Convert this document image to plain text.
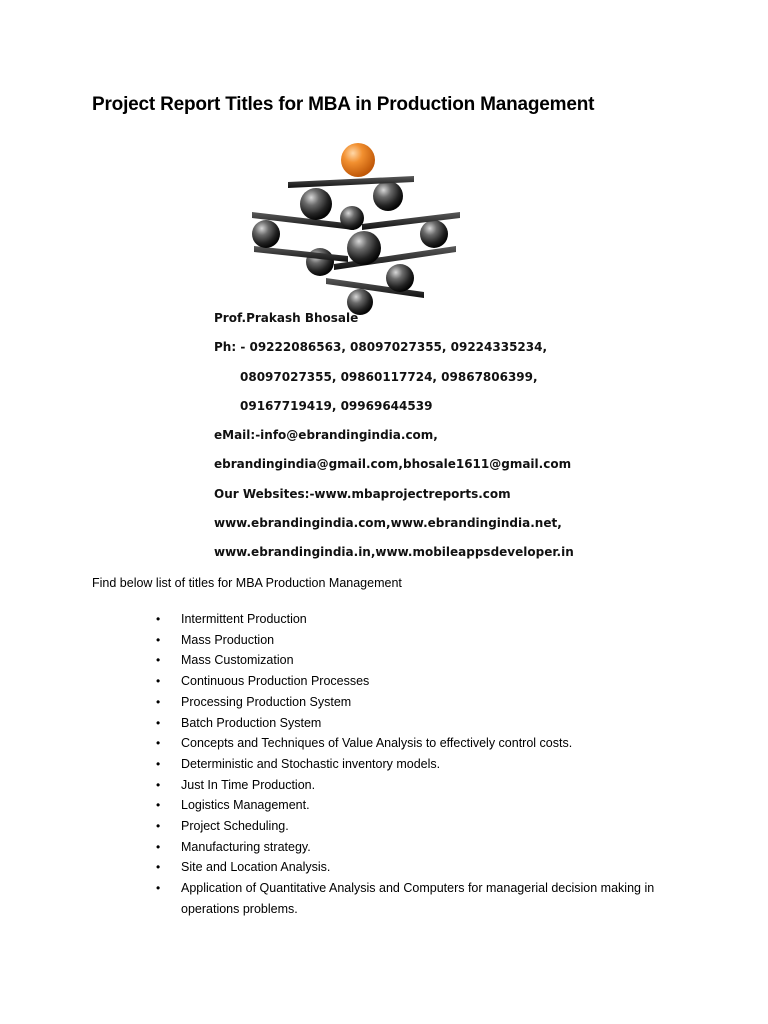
Project Report Titles for MBA in Production Management
Prof.Prakash Bhosale
Ph: - 09222086563, 08097027355, 09224335234,
08097027355, 09860117724, 09867806399,
09167719419, 09969644539
eMail:-info@ebrandingindia.com,
ebrandingindia@gmail.com,bhosale1611@gmail.com
Our Websites:-www.mbaprojectreports.com
www.ebrandingindia.com,www.ebrandingindia.net,
www.ebrandingindia.in,www.mobileappsdeveloper.in
Find below list of titles for MBA Production Management
• Intermittent Production
• Mass Production
• Mass Customization
• Continuous Production Processes
• Processing Production System
• Batch Production System
• Concepts and Techniques of Value Analysis to effectively control costs.
• Deterministic and Stochastic inventory models.
• Just In Time Production.
• Logistics Management.
• Project Scheduling.
• Manufacturing strategy.
• Site and Location Analysis.
• Application of Quantitative Analysis and Computers for managerial decision making in operations problems.
